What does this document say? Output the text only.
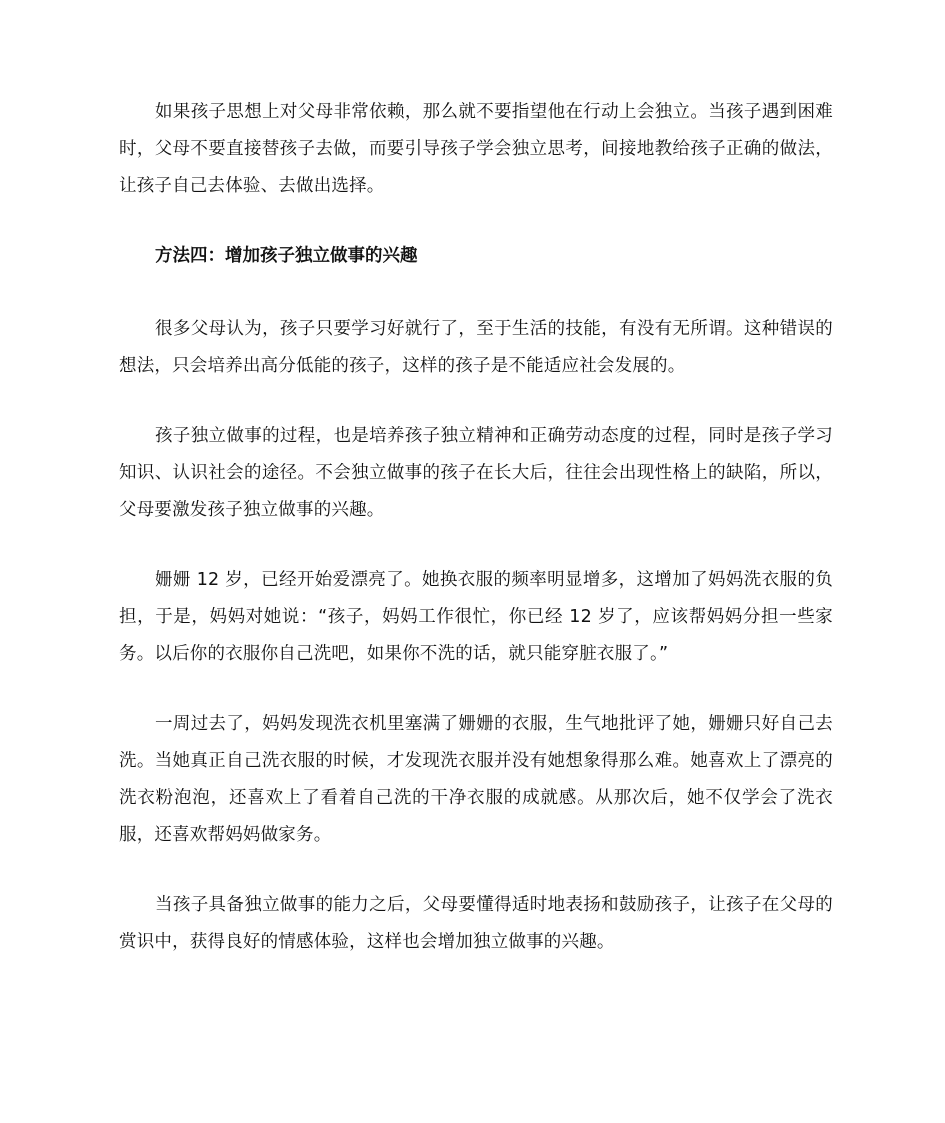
如果孩子思想上对父母非常依赖，那么就不要指望他在行动上会独立。当孩子遇到困难时，父母不要直接替孩子去做，而要引导孩子学会独立思考，间接地教给孩子正确的做法，让孩子自己去体验、去做出选择。

方法四：增加孩子独立做事的兴趣

很多父母认为，孩子只要学习好就行了，至于生活的技能，有没有无所谓。这种错误的想法，只会培养出高分低能的孩子，这样的孩子是不能适应社会发展的。

孩子独立做事的过程，也是培养孩子独立精神和正确劳动态度的过程，同时是孩子学习知识、认识社会的途径。不会独立做事的孩子在长大后，往往会出现性格上的缺陷，所以，父母要激发孩子独立做事的兴趣。

姗姗 12 岁，已经开始爱漂亮了。她换衣服的频率明显增多，这增加了妈妈洗衣服的负担，于是，妈妈对她说：“孩子，妈妈工作很忙，你已经 12 岁了，应该帮妈妈分担一些家务。以后你的衣服你自己洗吧，如果你不洗的话，就只能穿脏衣服了。”

一周过去了，妈妈发现洗衣机里塞满了姗姗的衣服，生气地批评了她，姗姗只好自己去洗。当她真正自己洗衣服的时候，才发现洗衣服并没有她想象得那么难。她喜欢上了漂亮的洗衣粉泡泡，还喜欢上了看着自己洗的干净衣服的成就感。从那次后，她不仅学会了洗衣服，还喜欢帮妈妈做家务。

当孩子具备独立做事的能力之后，父母要懂得适时地表扬和鼓励孩子，让孩子在父母的赏识中，获得良好的情感体验，这样也会增加独立做事的兴趣。
